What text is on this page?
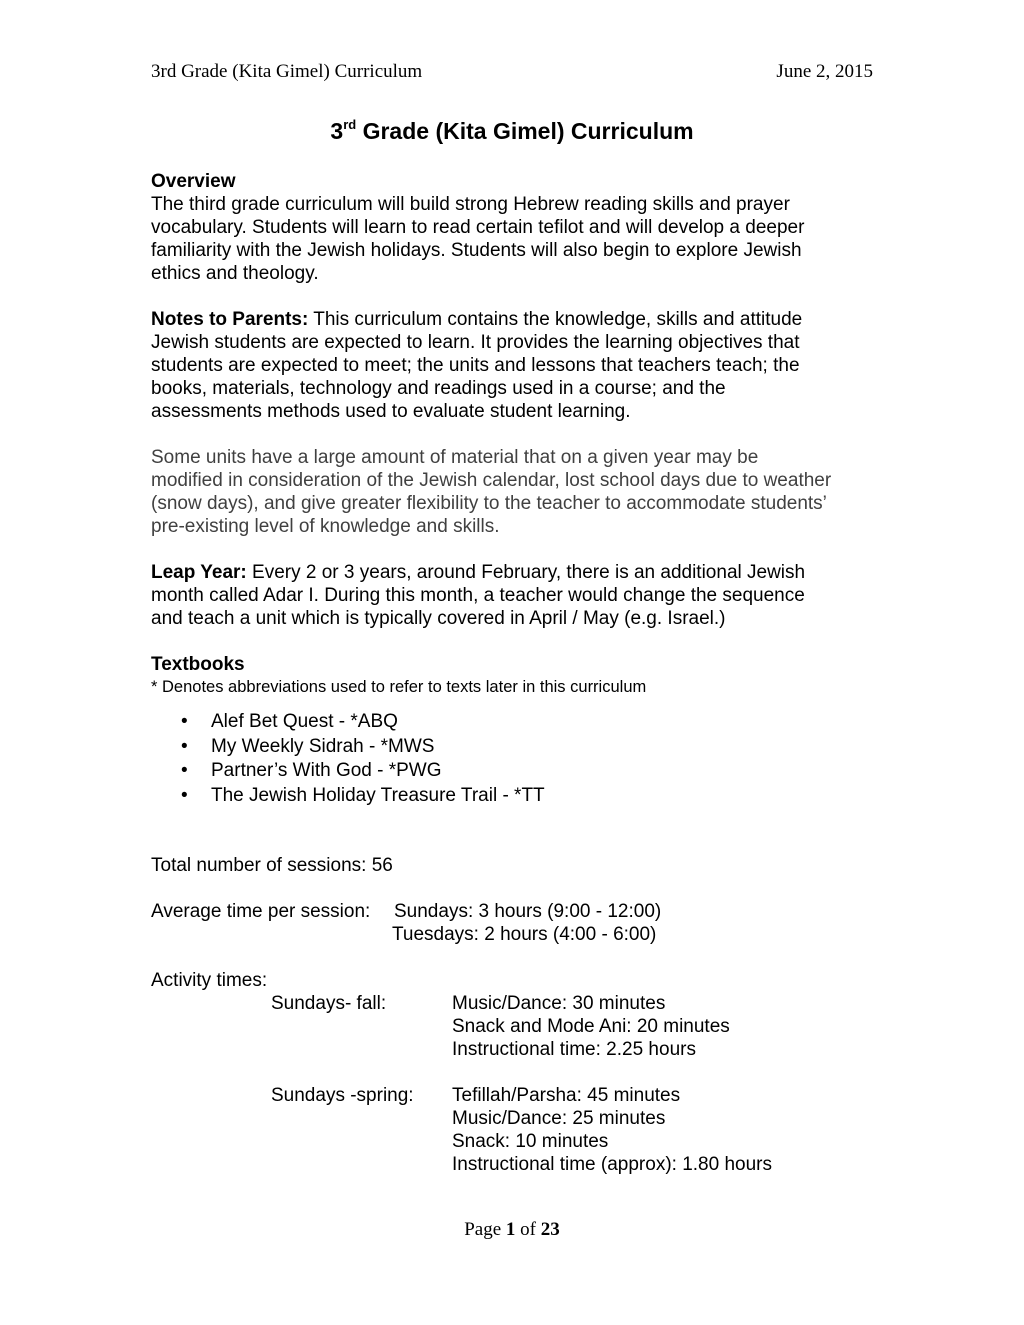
3rd Grade (Kita Gimel) Curriculum	June 2, 2015
3rd Grade (Kita Gimel) Curriculum

Overview

The third grade curriculum will build strong Hebrew reading skills and prayer

vocabulary. Students will learn to read certain tefilot and will develop a deeper

familiarity with the Jewish holidays. Students will also begin to explore Jewish

ethics and theology.

Notes to Parents: This curriculum contains the knowledge, skills and attitude

Jewish students are expected to learn. It provides the learning objectives that

students are expected to meet; the units and lessons that teachers teach; the

books, materials, technology and readings used in a course; and the

assessments methods used to evaluate student learning.

Some units have a large amount of material that on a given year may be

modified in consideration of the Jewish calendar, lost school days due to weather

(snow days), and give greater flexibility to the teacher to accommodate students’

pre-existing level of knowledge and skills.

Leap Year: Every 2 or 3 years, around February, there is an additional Jewish

month called Adar I. During this month, a teacher would change the sequence

and teach a unit which is typically covered in April / May (e.g. Israel.)

Textbooks

* Denotes abbreviations used to refer to texts later in this curriculum

• Alef Bet Quest - *ABQ
• My Weekly Sidrah - *MWS
• Partner’s With God - *PWG
• The Jewish Holiday Treasure Trail - *TT

Total number of sessions: 56

Average time per session: Sundays: 3 hours (9:00 - 12:00)
Tuesdays: 2 hours (4:00 - 6:00)

Activity times:

Sundays- fall:	Music/Dance: 30 minutes
Snack and Mode Ani: 20 minutes
Instructional time: 2.25 hours
Sundays -spring: Tefillah/Parsha: 45 minutes
Music/Dance: 25 minutes
Snack: 10 minutes
Instructional time (approx): 1.80 hours
Page 1 of 23
